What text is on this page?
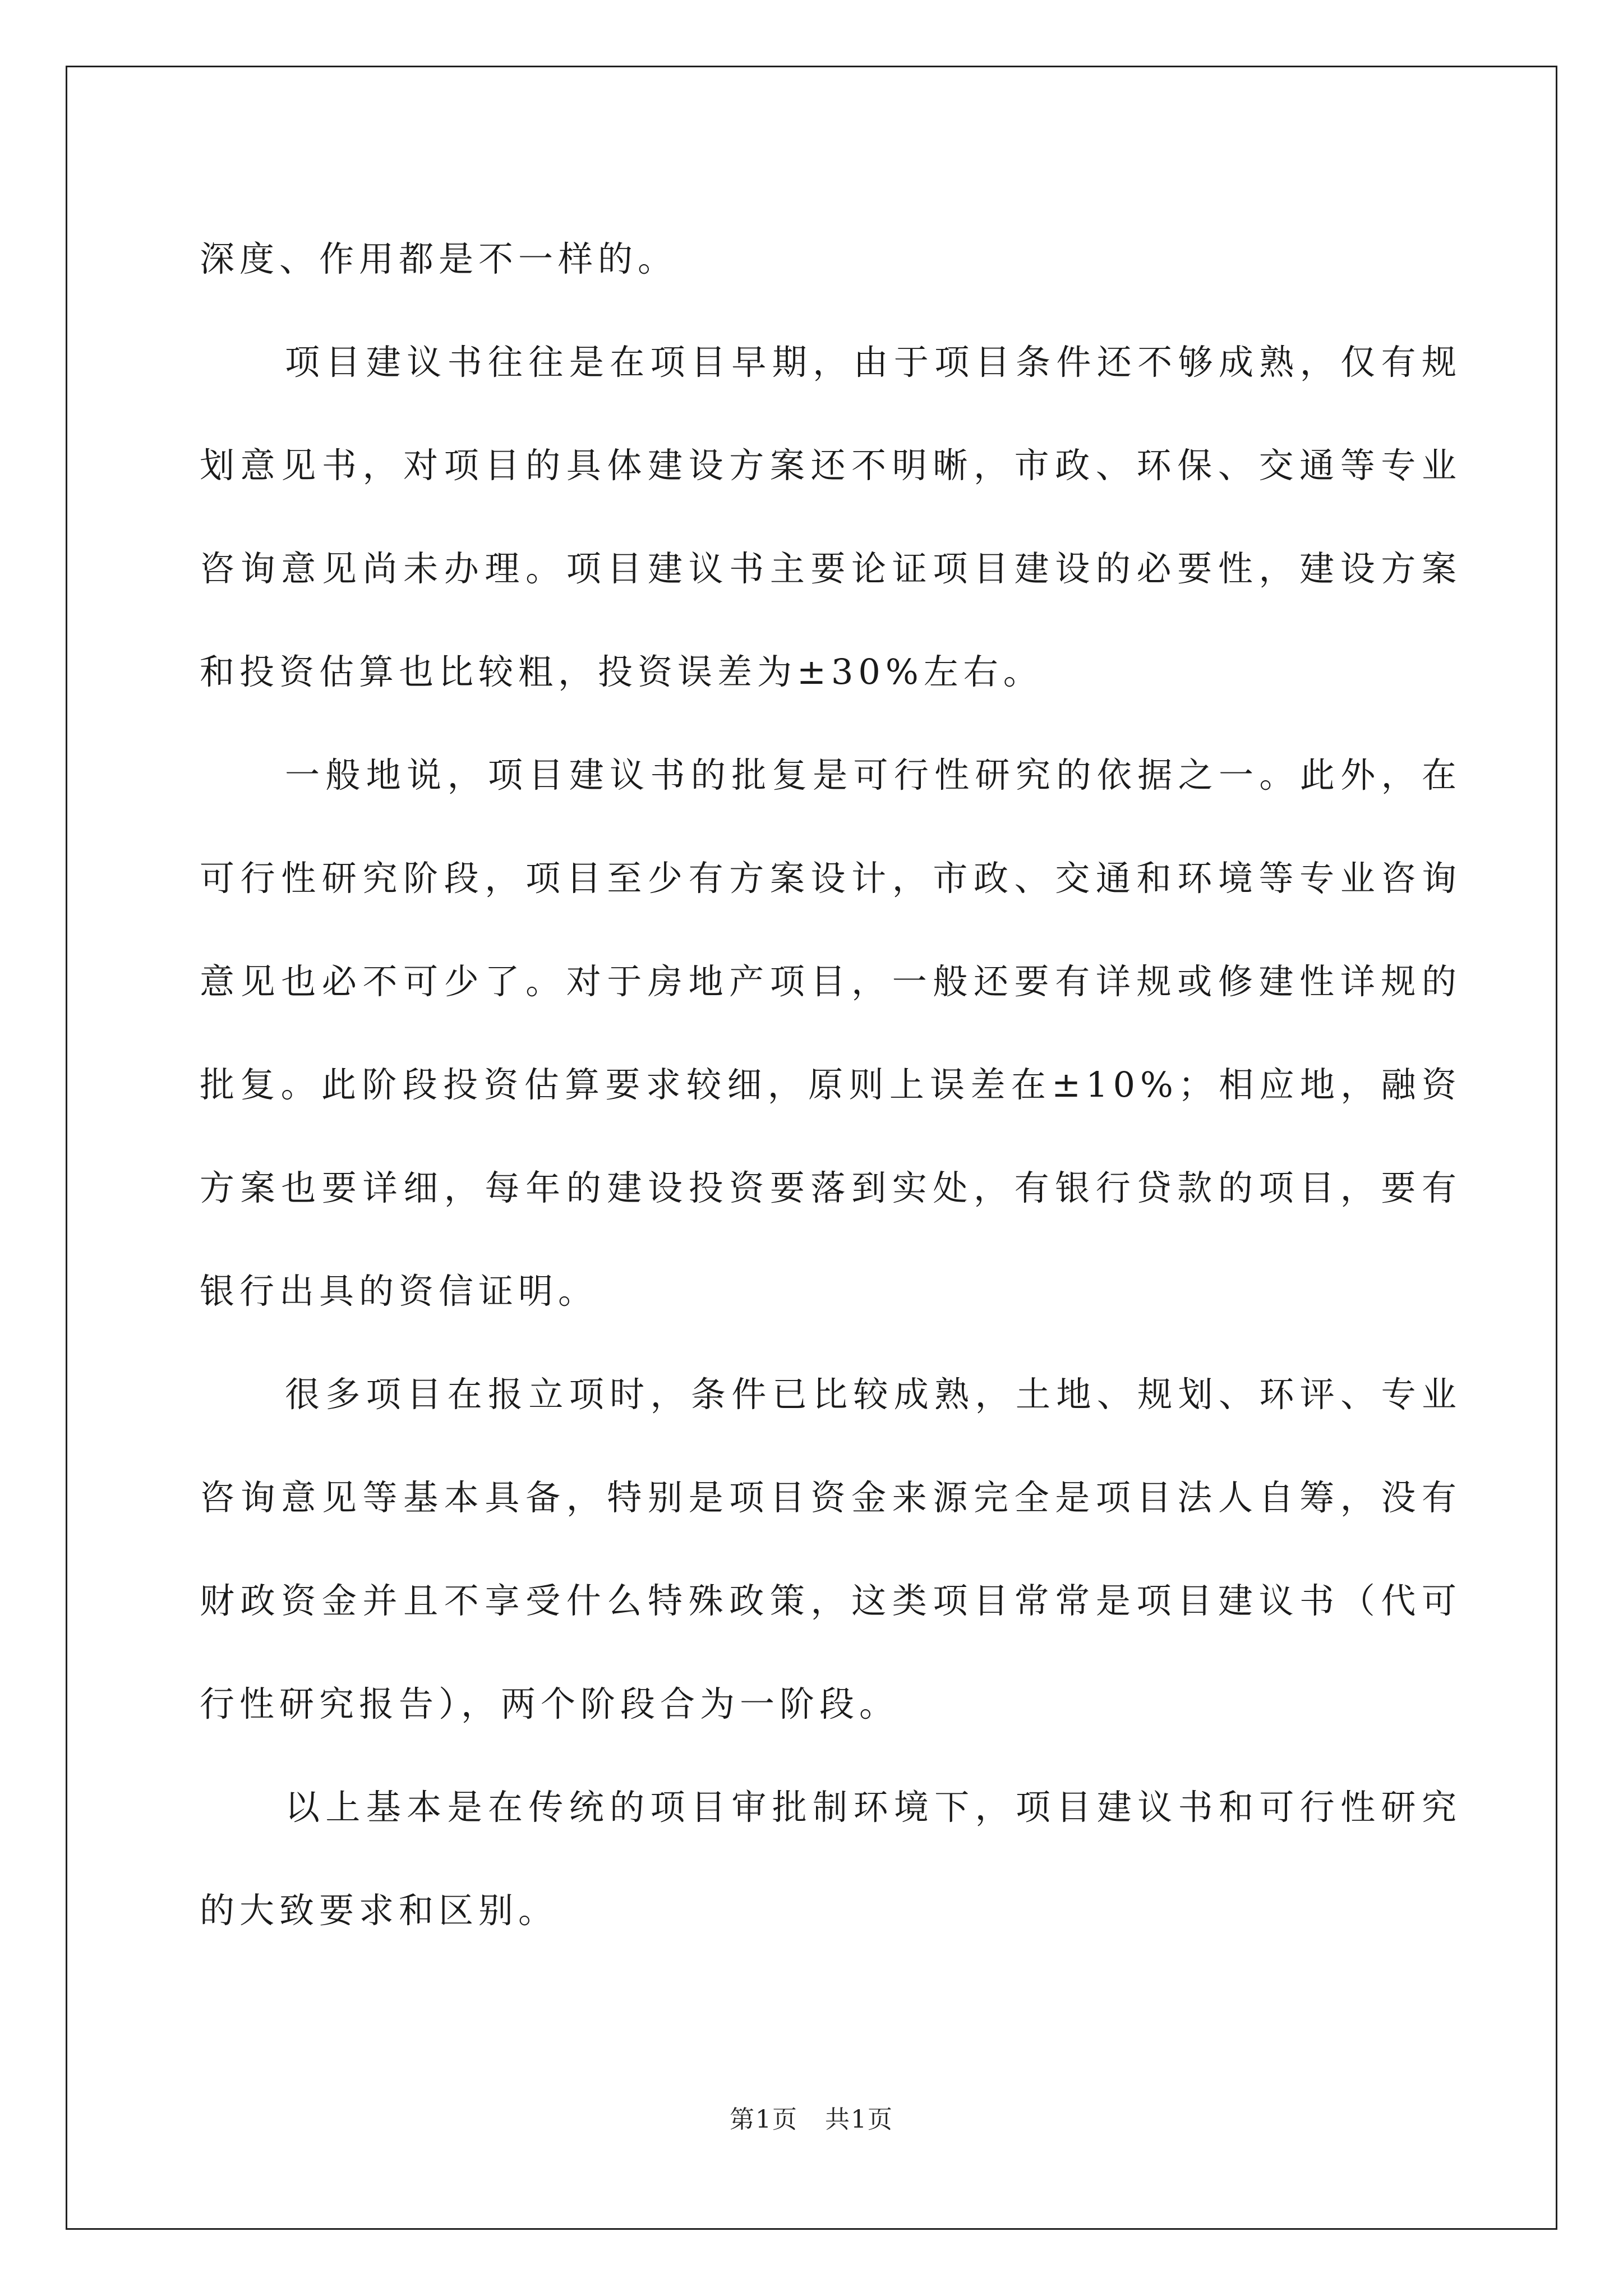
深度、作用都是不一样的。

项目建议书往往是在项目早期，由于项目条件还不够成熟，仅有规划意见书，对项目的具体建设方案还不明晰，市政、环保、交通等专业咨询意见尚未办理。项目建议书主要论证项目建设的必要性，建设方案和投资估算也比较粗，投资误差为±30%左右。

一般地说，项目建议书的批复是可行性研究的依据之一。此外，在可行性研究阶段，项目至少有方案设计，市政、交通和环境等专业咨询意见也必不可少了。对于房地产项目，一般还要有详规或修建性详规的批复。此阶段投资估算要求较细，原则上误差在±10%；相应地，融资方案也要详细，每年的建设投资要落到实处，有银行贷款的项目，要有银行出具的资信证明。

很多项目在报立项时，条件已比较成熟，土地、规划、环评、专业咨询意见等基本具备，特别是项目资金来源完全是项目法人自筹，没有财政资金并且不享受什么特殊政策，这类项目常常是项目建议书（代可行性研究报告），两个阶段合为一阶段。

以上基本是在传统的项目审批制环境下，项目建议书和可行性研究的大致要求和区别。

第1页 共1页
